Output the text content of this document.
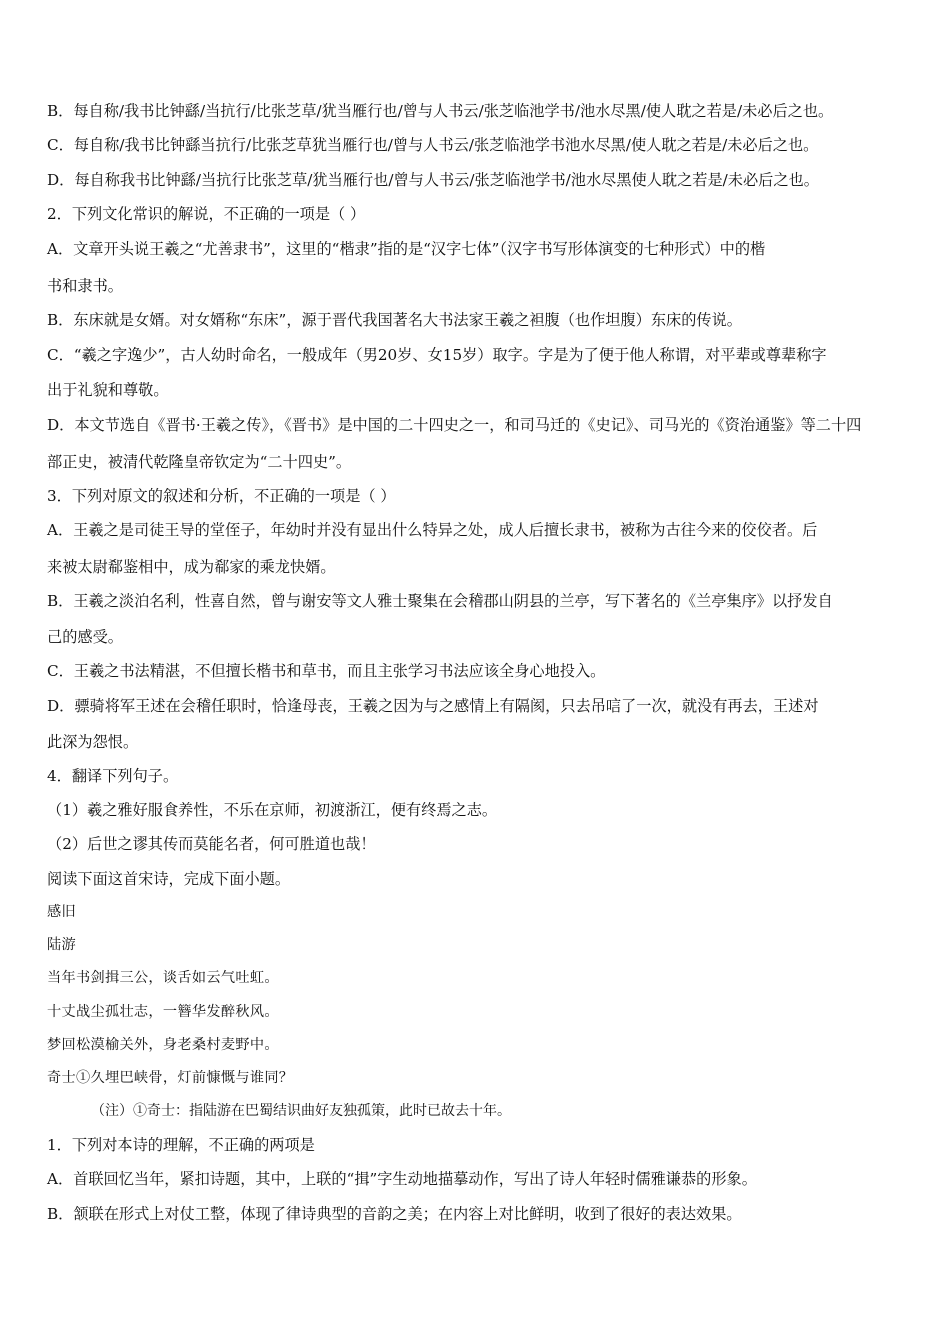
B．每自称/我书比钟繇/当抗行/比张芝草/犹当雁行也/曾与人书云/张芝临池学书/池水尽黑/使人耽之若是/未必后之也。

C．每自称/我书比钟繇当抗行/比张芝草犹当雁行也/曾与人书云/张芝临池学书池水尽黑/使人耽之若是/未必后之也。

D．每自称我书比钟繇/当抗行比张芝草/犹当雁行也/曾与人书云/张芝临池学书/池水尽黑使人耽之若是/未必后之也。

2．下列文化常识的解说，不正确的一项是（ ）

A．文章开头说王羲之“尤善隶书”，这里的“楷隶”指的是“汉字七体”（汉字书写形体演变的七种形式）中的楷

书和隶书。

B．东床就是女婿。对女婿称“东床”，源于晋代我国著名大书法家王羲之袒腹（也作坦腹）东床的传说。

C．“羲之字逸少”，古人幼时命名，一般成年（男20岁、女15岁）取字。字是为了便于他人称谓，对平辈或尊辈称字

出于礼貌和尊敬。

D．本文节选自《晋书·王羲之传》，《晋书》是中国的二十四史之一，和司马迁的《史记》、司马光的《资治通鉴》等二十四

部正史，被清代乾隆皇帝钦定为“二十四史”。

3．下列对原文的叙述和分析，不正确的一项是（ ）

A．王羲之是司徒王导的堂侄子，年幼时并没有显出什么特异之处，成人后擅长隶书，被称为古往今来的佼佼者。后

来被太尉郗鉴相中，成为郗家的乘龙快婿。

B．王羲之淡泊名利，性喜自然，曾与谢安等文人雅士聚集在会稽郡山阴县的兰亭，写下著名的《兰亭集序》以抒发自

己的感受。

C．王羲之书法精湛，不但擅长楷书和草书，而且主张学习书法应该全身心地投入。

D．骠骑将军王述在会稽任职时，恰逢母丧，王羲之因为与之感情上有隔阂，只去吊唁了一次，就没有再去，王述对

此深为怨恨。

4．翻译下列句子。

（1）羲之雅好服食养性，不乐在京师，初渡浙江，便有终焉之志。

（2）后世之谬其传而莫能名者，何可胜道也哉！

阅读下面这首宋诗，完成下面小题。

感旧

陆游

当年书剑揖三公，谈舌如云气吐虹。

十丈战尘孤壮志，一簪华发醉秋风。

梦回松漠榆关外，身老桑村麦野中。

奇士①久埋巴峡骨，灯前慷慨与谁同？

（注）①奇士：指陆游在巴蜀结识曲好友独孤策，此时已故去十年。

1．下列对本诗的理解，不正确的两项是

A．首联回忆当年，紧扣诗题，其中，上联的“揖”字生动地描摹动作，写出了诗人年轻时儒雅谦恭的形象。

B．颔联在形式上对仗工整，体现了律诗典型的音韵之美；在内容上对比鲜明，收到了很好的表达效果。
